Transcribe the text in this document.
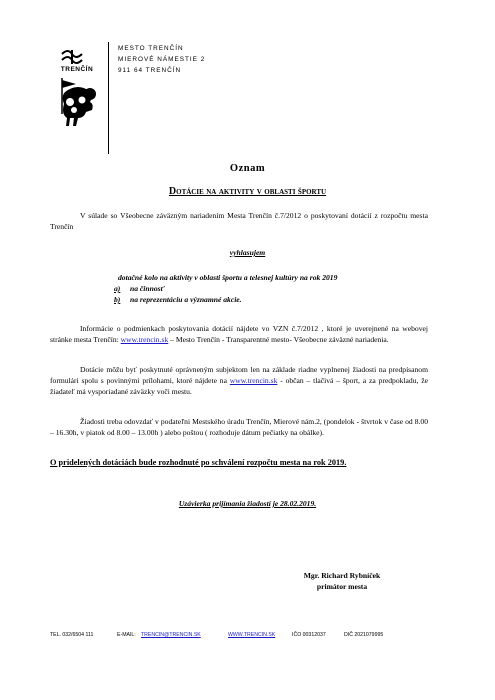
TRENČÍN
MESTO TRENČÍN
MIEROVÉ NÁMESTIE 2
911 64 TRENČÍN
Oznam
Dotácie na aktivity v oblasti športu
V súlade so Všeobecne záväzným nariadením Mesta Trenčín č.7/2012 o poskytovaní dotácií z rozpočtu mesta Trenčín
vyhlasujem
dotačné kolo na aktivity v oblasti športu a telesnej kultúry na rok 2019
a) na činnosť
b) na reprezentáciu a významné akcie.
Informácie o podmienkach poskytovania dotácií nájdete vo VZN č.7/2012 , ktoré je uverejnené na webovej stránke mesta Trenčín: www.trencin.sk – Mesto Trenčín - Transparentné mesto- Všeobecne záväzné nariadenia.
Dotácie môžu byť poskytnuté oprávneným subjektom len na základe riadne vyplnenej žiadosti na predpísanom formulári spolu s povinnými prílohami, ktoré nájdete na www.trencin.sk - občan – tlačivá – šport, a za predpokladu, že žiadateľ má vysporiadané záväzky voči mestu.
Žiadosti treba odovzdať v podateľni Mestského úradu Trenčín, Mierové nám.2, (pondelok - štvrtok v čase od 8.00 – 16.30h, v piatok od 8.00 – 13.00h ) alebo poštou ( rozhoduje dátum pečiatky na obálke).
O pridelených dotáciách bude rozhodnuté po schválení rozpočtu mesta na rok 2019.
Uzávierka prijímania žiadostí je 28.02.2019.
Mgr. Richard Rybníček
primátor mesta
TEL. 032/6504 111	E-MAIL: TRENCIN@TRENCIN.SK	WWW.TRENCIN.SK	IČO 00312037	DIČ 2021079995
